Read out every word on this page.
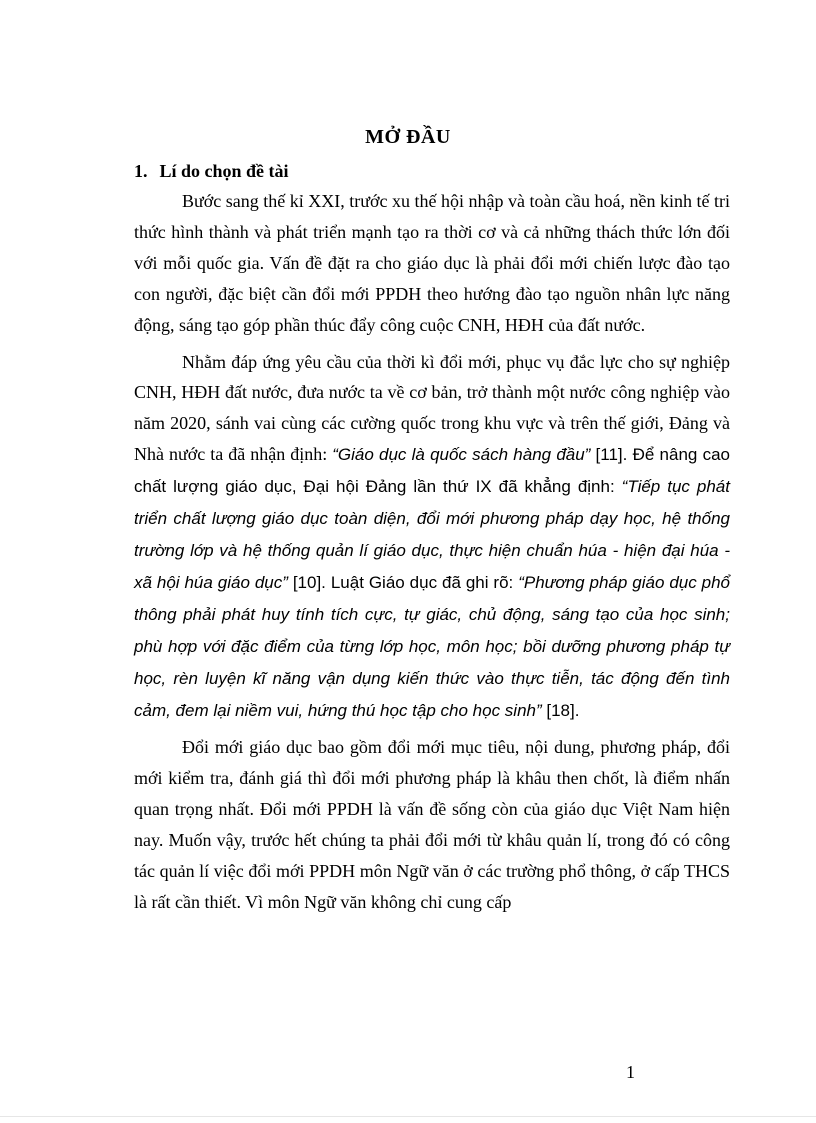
MỞ ĐẦU
1. Lí do chọn đề tài

Bước sang thế kỉ XXI, trước xu thế hội nhập và toàn cầu hoá, nền kinh tế tri thức hình thành và phát triển mạnh tạo ra thời cơ và cả những thách thức lớn đối với mỗi quốc gia. Vấn đề đặt ra cho giáo dục là phải đổi mới chiến lược đào tạo con người, đặc biệt cần đổi mới PPDH theo hướng đào tạo nguồn nhân lực năng động, sáng tạo góp phần thúc đẩy công cuộc CNH, HĐH của đất nước.

Nhằm đáp ứng yêu cầu của thời kì đổi mới, phục vụ đắc lực cho sự nghiệp CNH, HĐH đất nước, đưa nước ta về cơ bản, trở thành một nước công nghiệp vào năm 2020, sánh vai cùng các cường quốc trong khu vực và trên thế giới, Đảng và Nhà nước ta đã nhận định: “Giáo dục là quốc sách hàng đầu” [11]. Để nâng cao chất lượng giáo dục, Đại hội Đảng lần thứ IX đã khẳng định: “Tiếp tục phát triển chất lượng giáo dục toàn diện, đổi mới phương pháp dạy học, hệ thống trường lớp và hệ thống quản lí giáo dục, thực hiện chuẩn húa - hiện đại húa - xã hội húa giáo dục” [10]. Luật Giáo dục đã ghi rõ: “Phương pháp giáo dục phổ thông phải phát huy tính tích cực, tự giác, chủ động, sáng tạo của học sinh; phù hợp với đặc điểm của từng lớp học, môn học; bồi dưỡng phương pháp tự học, rèn luyện kĩ năng vận dụng kiến thức vào thực tiễn, tác động đến tình cảm, đem lại niềm vui, hứng thú học tập cho học sinh” [18].

Đổi mới giáo dục bao gồm đổi mới mục tiêu, nội dung, phương pháp, đổi mới kiểm tra, đánh giá thì đổi mới phương pháp là khâu then chốt, là điểm nhấn quan trọng nhất. Đổi mới PPDH là vấn đề sống còn của giáo dục Việt Nam hiện nay. Muốn vậy, trước hết chúng ta phải đổi mới từ khâu quản lí, trong đó có công tác quản lí việc đổi mới PPDH môn Ngữ văn ở các trường phổ thông, ở cấp THCS là rất cần thiết. Vì môn Ngữ văn không chỉ cung cấp

1
